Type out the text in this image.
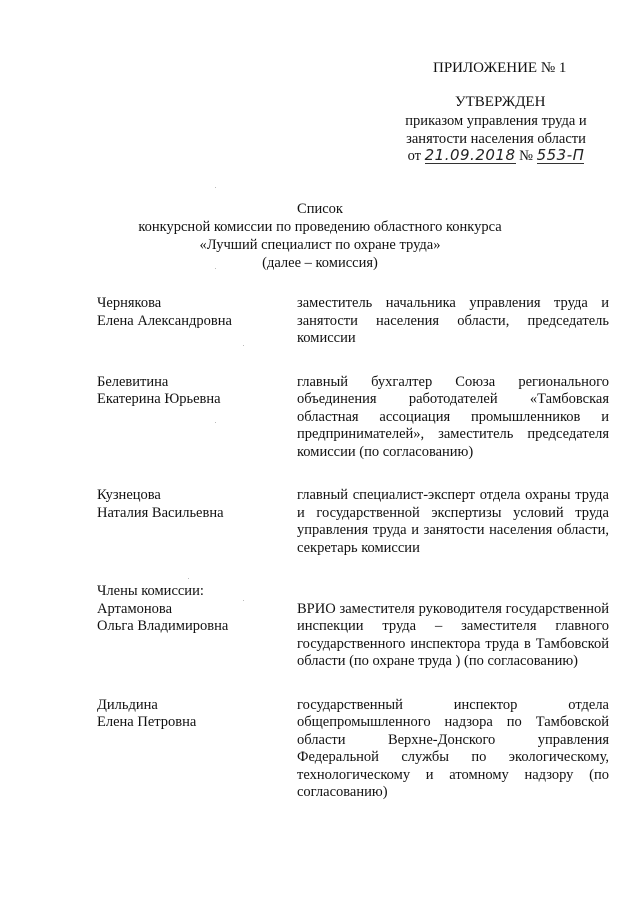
ПРИЛОЖЕНИЕ № 1
УТВЕРЖДЕН
приказом управления труда и
занятости населения области
от 21.09.2018 № 553-П
Список
конкурсной комиссии по проведению областного конкурса
«Лучший специалист по охране труда»
(далее – комиссия)
Чернякова
Елена Александровна
заместитель начальника управления труда и занятости населения области, председатель комиссии
Белевитина
Екатерина Юрьевна
главный бухгалтер Союза регионального объединения работодателей «Тамбовская областная ассоциация промышленников и предпринимателей», заместитель председателя комиссии (по согласованию)
Кузнецова
Наталия Васильевна
главный специалист-эксперт отдела охраны труда и государственной экспертизы условий труда управления труда и занятости населения области, секретарь комиссии
Члены комиссии:
Артамонова
Ольга Владимировна
ВРИО заместителя руководителя государственной инспекции труда – заместителя главного государственного инспектора труда в Тамбовской области (по охране труда ) (по согласованию)
Дильдина
Елена Петровна
государственный инспектор отдела общепромышленного надзора по Тамбовской области Верхне-Донского управления Федеральной службы по экологическому, технологическому и атомному надзору (по согласованию)
